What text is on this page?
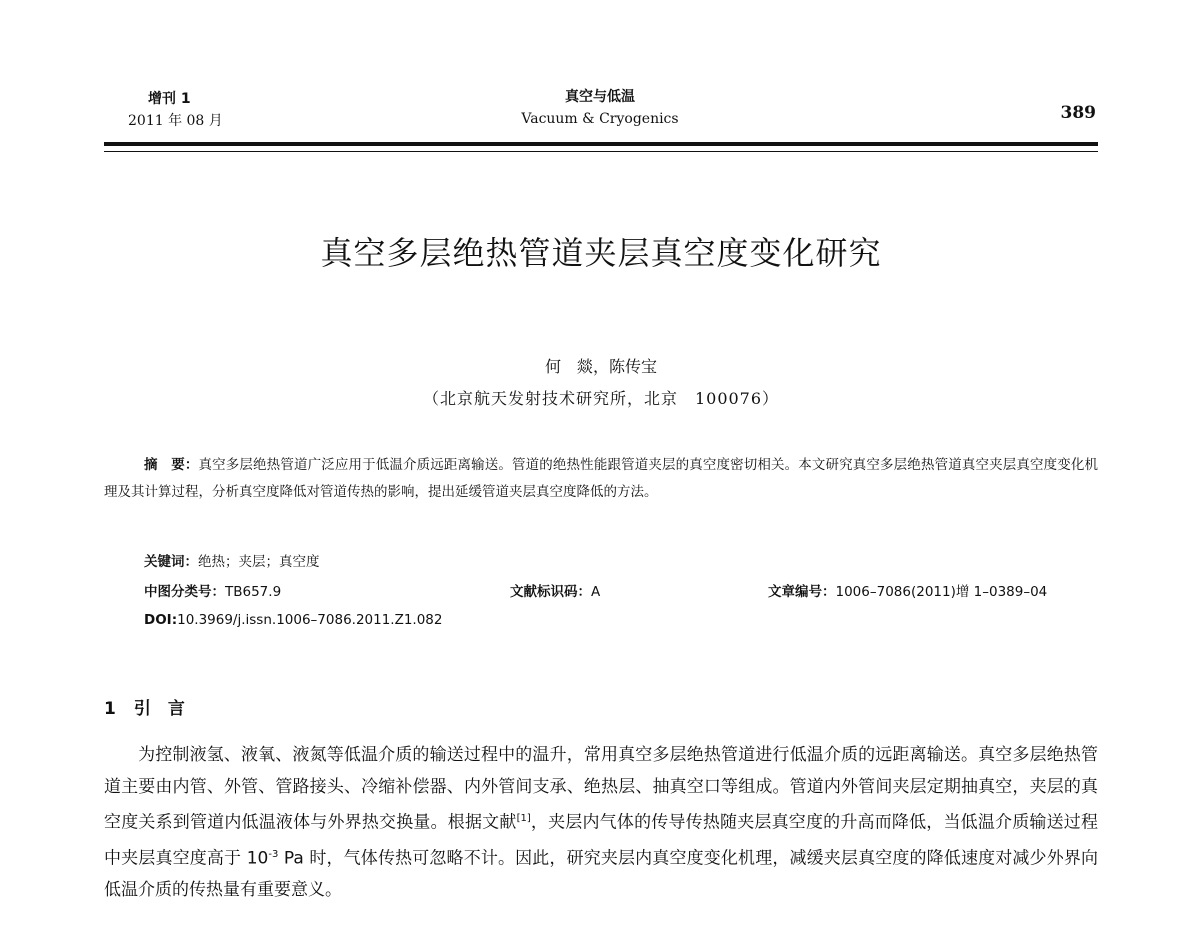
增刊 1
2011 年 08 月
真空与低温
Vacuum & Cryogenics	389
真空多层绝热管道夹层真空度变化研究
何　燚，陈传宝
（北京航天发射技术研究所，北京　100076）
摘　要：真空多层绝热管道广泛应用于低温介质远距离输送。管道的绝热性能跟管道夹层的真空度密切相关。本文研究真空多层绝热管道真空夹层真空度变化机理及其计算过程，分析真空度降低对管道传热的影响，提出延缓管道夹层真空度降低的方法。
关键词：绝热；夹层；真空度
中图分类号：TB657.9	文献标识码：A	文章编号：1006–7086(2011)增 1–0389–04
DOI:10.3969/j.issn.1006–7086.2011.Z1.082
1 引　言
为控制液氢、液氧、液氮等低温介质的输送过程中的温升，常用真空多层绝热管道进行低温介质的远距离输送。真空多层绝热管道主要由内管、外管、管路接头、冷缩补偿器、内外管间支承、绝热层、抽真空口等组成。管道内外管间夹层定期抽真空，夹层的真空度关系到管道内低温液体与外界热交换量。根据文献[1]，夹层内气体的传导传热随夹层真空度的升高而降低，当低温介质输送过程中夹层真空度高于 $10^{-3}$ Pa 时，气体传热可忽略不计。因此，研究夹层内真空度变化机理，减缓夹层真空度的降低速度对减少外界向低温介质的传热量有重要意义。
